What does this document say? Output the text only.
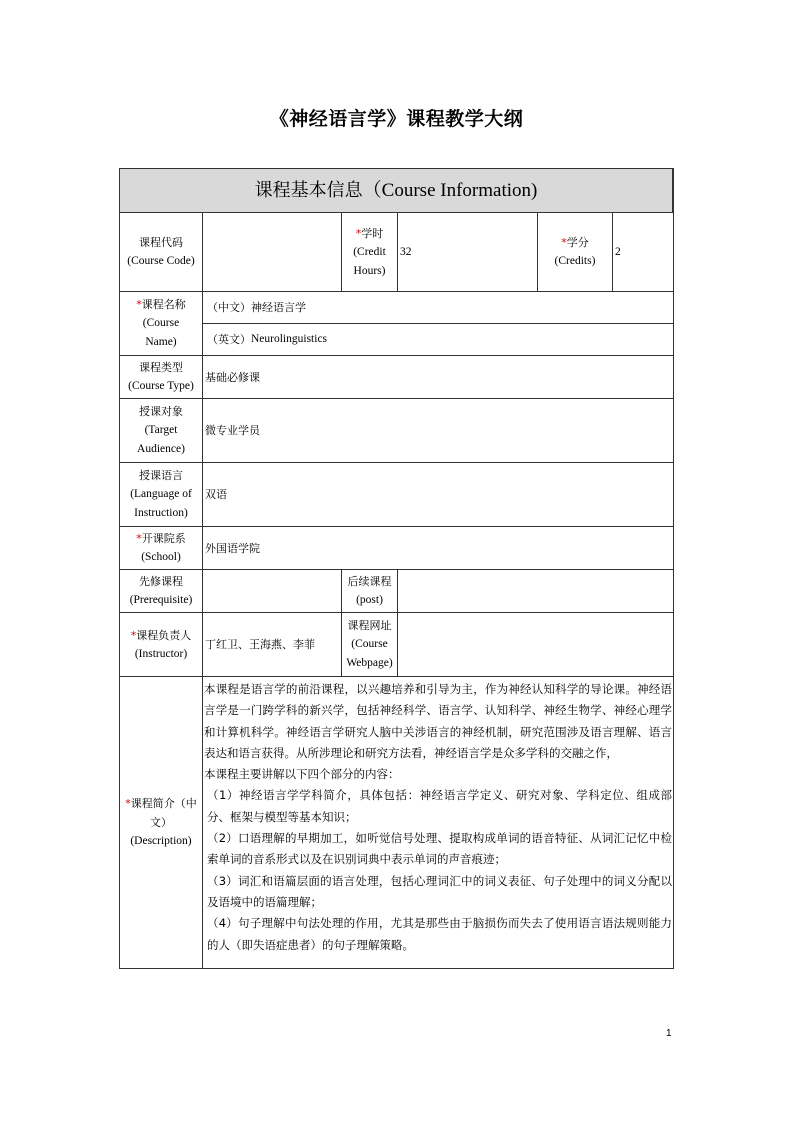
《神经语言学》课程教学大纲
课程基本信息 （Course Information)
课程代码
(Course Code)
*学时
(Credit
Hours)
32
*学分
(Credits)
2
*课程名称
(Course
Name)
（中文） 神经语言学
（英文） Neurolinguistics
课程类型
(Course Type)
基础必修课
授课对象
(Target
Audience)
微专业学员
授课语言
(Language of
Instruction)
双语
*开课院系
(School)
外国语学院
先修课程
(Prerequisite)
后续课程
(post)
*课程负责人
(Instructor)
丁红卫、王海燕、李菲
课程网址
(Course
Webpage)
*课程简介（中
文）
(Description)

本课程是语言学的前沿课程，以兴趣培养和引导为主，作为神经认知科学的导论课。神经语言学是一门跨学科的新兴学，包括神经科学、语言学、认知科学、神经生物学、神经心理学和计算机科学。神经语言学研究人脑中关涉语言的神经机制，研究范围涉及语言理解、语言表达和语言获得。从所涉理论和研究方法看，神经语言学是众多学科的交融之作，

本课程主要讲解以下四个部分的内容：

（1）神经语言学学科简介，具体包括：神经语言学定义、研究对象、学科定位、组成部分、框架与模型等基本知识；

（2）口语理解的早期加工，如听觉信号处理、提取构成单词的语音特征、从词汇记忆中检索单词的音系形式以及在识别词典中表示单词的声音痕迹；

（3）词汇和语篇层面的语言处理，包括心理词汇中的词义表征、句子处理中的词义分配以及语境中的语篇理解；

（4）句子理解中句法处理的作用，尤其是那些由于脑损伤而失去了使用语言语法规则能力的人（即失语症患者）的句子理解策略。

1
